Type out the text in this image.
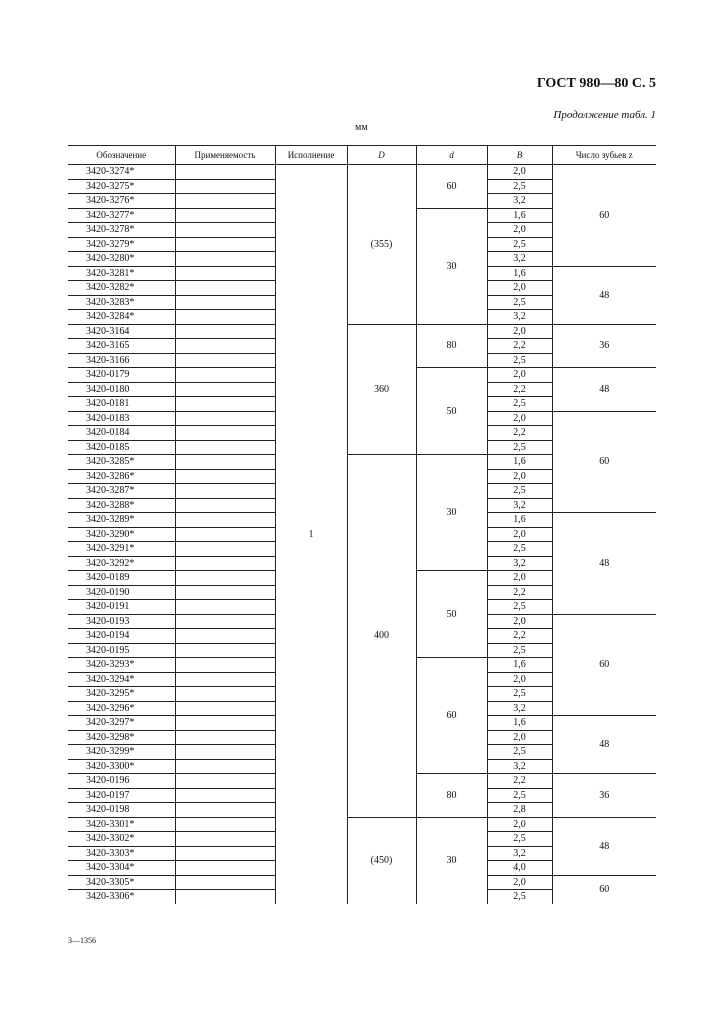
ГОСТ 980—80 С. 5
Продолжение табл. 1
мм
Обозначение	Применяемость	Исполнение	D	d	B	Число зубьев z
3420-3274*		1	(355)	60	2,0	60
3420-3275*					2,5	
3420-3276*					3,2	
3420-3277*				30	1,6	
3420-3278*					2,0	
3420-3279*					2,5	
3420-3280*					3,2	
3420-3281*					1,6	48
3420-3282*					2,0	
3420-3283*					2,5	
3420-3284*					3,2	
3420-3164			360	80	2,0	36
3420-3165					2,2	
3420-3166					2,5	
3420-0179				50	2,0	48
3420-0180					2,2	
3420-0181					2,5	
3420-0183					2,0	60
3420-0184					2,2	
3420-0185					2,5	
3420-3285*			400	30	1,6	
3420-3286*					2,0	
3420-3287*					2,5	
3420-3288*					3,2	
3420-3289*					1,6	48
3420-3290*					2,0	
3420-3291*					2,5	
3420-3292*					3,2	
3420-0189				50	2,0	
3420-0190					2,2	
3420-0191					2,5	
3420-0193					2,0	60
3420-0194					2,2	
3420-0195					2,5	
3420-3293*				60	1,6	
3420-3294*					2,0	
3420-3295*					2,5	
3420-3296*					3,2	
3420-3297*					1,6	48
3420-3298*					2,0	
3420-3299*					2,5	
3420-3300*					3,2	
3420-0196				80	2,2	36
3420-0197					2,5	
3420-0198					2,8	
3420-3301*			(450)	30	2,0	48
3420-3302*					2,5	
3420-3303*					3,2	
3420-3304*					4,0	
3420-3305*					2,0	60
3420-3306*					2,5	
3—1356
